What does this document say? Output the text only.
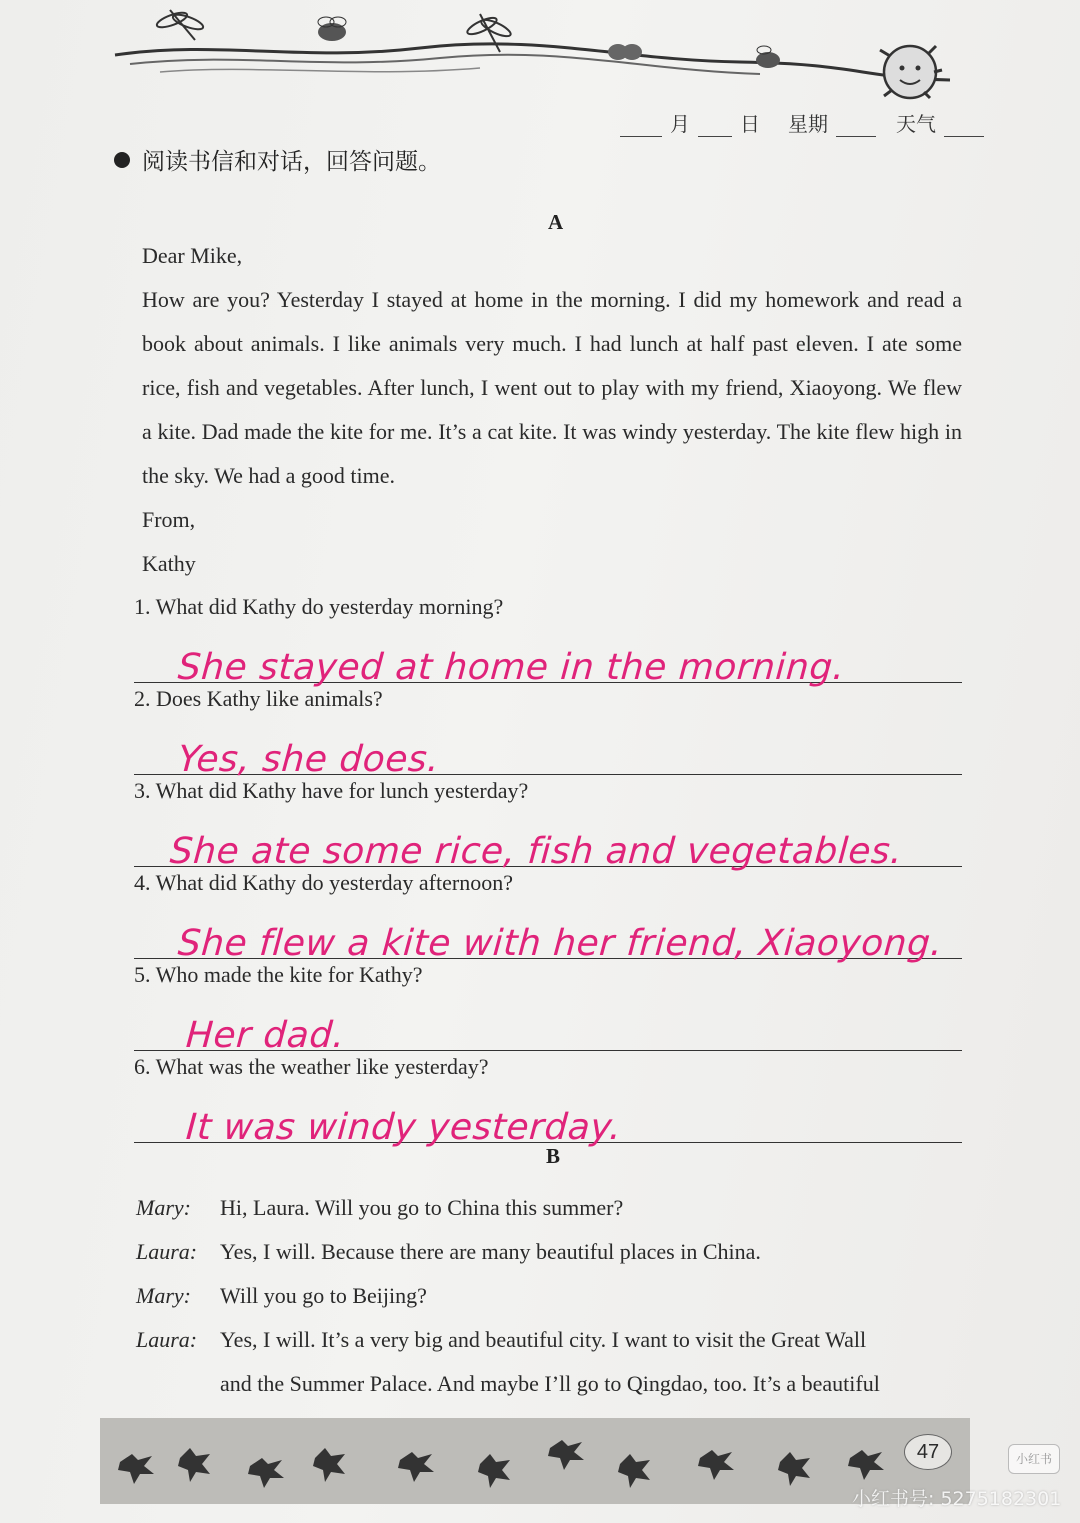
月	日 星期	天气
阅读书信和对话，回答问题。
A

Dear Mike,

How are you? Yesterday I stayed at home in the morning. I did my homework and read a book about animals. I like animals very much. I had lunch at half past eleven. I ate some rice, fish and vegetables. After lunch, I went out to play with my friend, Xiaoyong. We flew a kite. Dad made the kite for me. It’s a cat kite. It was windy yesterday. The kite flew high in the sky. We had a good time.

From,

Kathy

1. What did Kathy do yesterday morning?
She stayed at home in the morning.
2. Does Kathy like animals?
Yes, she does.
3. What did Kathy have for lunch yesterday?
She ate some rice, fish and vegetables.
4. What did Kathy do yesterday afternoon?
She flew a kite with her friend, Xiaoyong.
5. Who made the kite for Kathy?
Her dad.
6. What was the weather like yesterday?
It was windy yesterday.
B
Mary: Hi, Laura. Will you go to China this summer?
Laura: Yes, I will. Because there are many beautiful places in China.
Mary: Will you go to Beijing?
Laura: Yes, I will. It’s a very big and beautiful city. I want to visit the Great Wall
and the Summer Palace. And maybe I’ll go to Qingdao, too. It’s a beautiful
47	小红书
小红书号: 5275182301
